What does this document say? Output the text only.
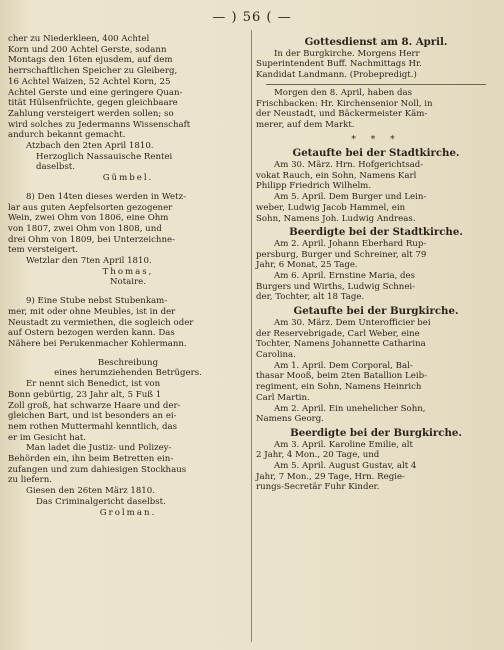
— ) 56 ( —
cher zu Niederkleen, 400 Achtel
Korn und 200 Achtel Gerste, sodann
Montags den 16ten ejusdem, auf dem
herrschaftlichen Speicher zu Gleiberg,
16 Achtel Waizen, 52 Achtel Korn, 25
Achtel Gerste und eine geringere Quan-
tität Hülsenfrüchte, gegen gleichbaare
Zahlung versteigert werden sollen; so
wird solches zu Jedermanns Wissenschaft
andurch bekannt gemacht.
Atzbach den 2ten April 1810.
Herzoglich Nassauische Rentei
daselbst.
Gümbel.
8) Den 14ten dieses werden in Wetz-
lar aus guten Aepfelsorten gezogener
Wein, zwei Ohm von 1806, eine Ohm
von 1807, zwei Ohm von 1808, und
drei Ohm von 1809, bei Unterzeichne-
tem versteigert.
Wetzlar den 7ten April 1810.
Thomas,
Notaire.
9) Eine Stube nebst Stubenkam-
mer, mit oder ohne Meubles, ist in der
Neustadt zu vermiethen, die sogleich oder
auf Ostern bezogen werden kann. Das
Nähere bei Perukenmacher Kohlermann.
Beschreibung
eines herumziehenden Betrügers.
Er nennt sich Benedict, ist von
Bonn gebürtig, 23 Jahr alt, 5 Fuß 1
Zoll groß, hat schwarze Haare und der-
gleichen Bart, und ist besonders an ei-
nem rothen Muttermahl kenntlich, das
er im Gesicht hat.
Man ladet die Justiz- und Polizey-
Behörden ein, ihn beim Betretten ein-
zufangen und zum dahiesigen Stockhaus
zu liefern.
Giesen den 26ten März 1810.
Das Criminalgericht daselbst.
Grolman.
Gottesdienst am 8. April.
In der Burgkirche. Morgens Herr
Superintendent Buff. Nachmittags Hr.
Kandidat Landmann. (Probepredigt.)
Morgen den 8. April, haben das
Frischbacken: Hr. Kirchensenior Noll, in
der Neustadt, und Bäckermeister Käm-
merer, auf dem Markt.
* * *
Getaufte bei der Stadtkirche.
Am 30. März. Hrn. Hofgerichtsad-
vokat Rauch, ein Sohn, Namens Karl
Philipp Friedrich Wilhelm.
Am 5. April. Dem Burger und Lein-
weber, Ludwig Jacob Hammel, ein
Sohn, Namens Joh. Ludwig Andreas.
Beerdigte bei der Stadtkirche.
Am 2. April. Johann Eberhard Rup-
persburg, Burger und Schreiner, alt 79
Jahr, 6 Monat, 25 Tage.
Am 6. April. Ernstine Maria, des
Burgers und Wirths, Ludwig Schnei-
der, Tochter, alt 18 Tage.
Getaufte bei der Burgkirche.
Am 30. März. Dem Unterofficier bei
der Reservebrigade, Carl Weber, eine
Tochter, Namens Johannette Catharina
Carolina.
Am 1. April. Dem Corporal, Bal-
thasar Mooß, beim 2ten Batallion Leib-
regiment, ein Sohn, Namens Heinrich
Carl Martin.
Am 2. April. Ein unehelicher Sohn,
Namens Georg.
Beerdigte bei der Burgkirche.
Am 3. April. Karoline Emilie, alt
2 Jahr, 4 Mon., 20 Tage, und
Am 5. April. August Gustav, alt 4
Jahr, 7 Mon., 29 Tage, Hrn. Regie-
rungs-Secretär Fuhr Kinder.
